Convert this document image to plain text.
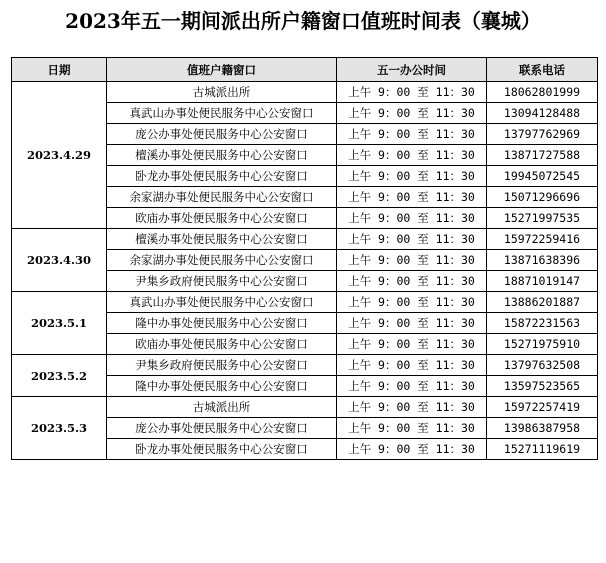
2023年五一期间派出所户籍窗口值班时间表（襄城）
日期	值班户籍窗口	五一办公时间	联系电话
2023.4.29	古城派出所	上午 9：00 至 11：30	18062801999
	真武山办事处便民服务中心公安窗口	上午 9：00 至 11：30	13094128488
	庞公办事处便民服务中心公安窗口	上午 9：00 至 11：30	13797762969
	檀溪办事处便民服务中心公安窗口	上午 9：00 至 11：30	13871727588
	卧龙办事处便民服务中心公安窗口	上午 9：00 至 11：30	19945072545
	余家湖办事处便民服务中心公安窗口	上午 9：00 至 11：30	15071296696
	欧庙办事处便民服务中心公安窗口	上午 9：00 至 11：30	15271997535
2023.4.30	檀溪办事处便民服务中心公安窗口	上午 9：00 至 11：30	15972259416
	余家湖办事处便民服务中心公安窗口	上午 9：00 至 11：30	13871638396
	尹集乡政府便民服务中心公安窗口	上午 9：00 至 11：30	18871019147
2023.5.1	真武山办事处便民服务中心公安窗口	上午 9：00 至 11：30	13886201887
	隆中办事处便民服务中心公安窗口	上午 9：00 至 11：30	15872231563
	欧庙办事处便民服务中心公安窗口	上午 9：00 至 11：30	15271975910
2023.5.2	尹集乡政府便民服务中心公安窗口	上午 9：00 至 11：30	13797632508
	隆中办事处便民服务中心公安窗口	上午 9：00 至 11：30	13597523565
2023.5.3	古城派出所	上午 9：00 至 11：30	15972257419
	庞公办事处便民服务中心公安窗口	上午 9：00 至 11：30	13986387958
	卧龙办事处便民服务中心公安窗口	上午 9：00 至 11：30	15271119619
